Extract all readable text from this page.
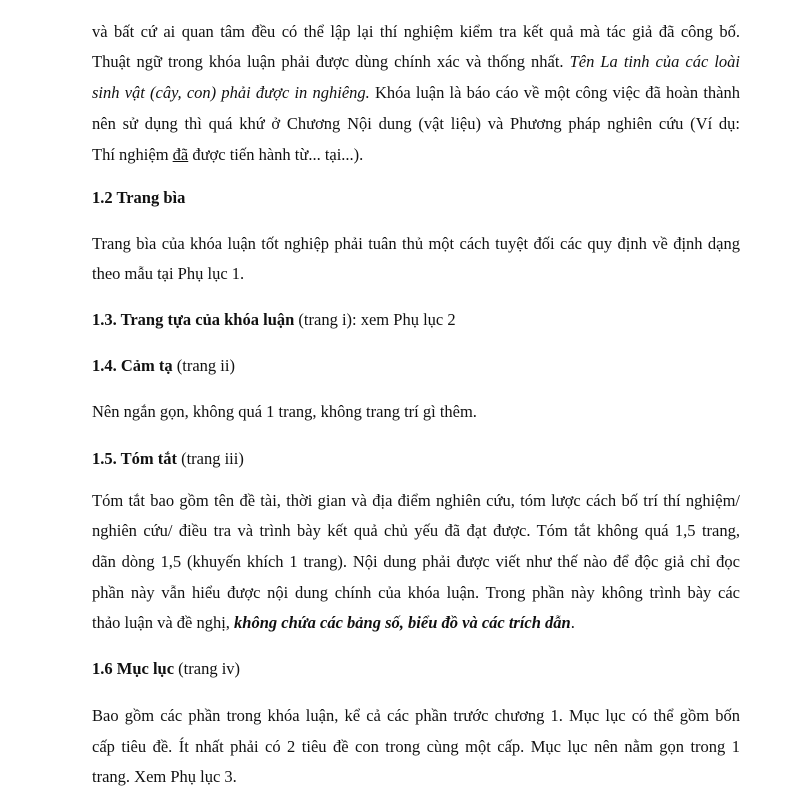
và bất cứ ai quan tâm đều có thể lập lại thí nghiệm kiểm tra kết quả mà tác giả đã công bố.
Thuật ngữ trong khóa luận phải được dùng chính xác và thống nhất. Tên La tinh của các loài
sinh vật (cây, con) phải được in nghiêng. Khóa luận là báo cáo về một công việc đã hoàn thành
nên sử dụng thì quá khứ ở Chương Nội dung (vật liệu) và Phương pháp nghiên cứu (Ví dụ:
Thí nghiệm đã được tiến hành từ... tại...).
1.2 Trang bìa
Trang bìa của khóa luận tốt nghiệp phải tuân thủ một cách tuyệt đối các quy định về định dạng
theo mẫu tại Phụ lục 1.
1.3. Trang tựa của khóa luận (trang i): xem Phụ lục 2
1.4. Cảm tạ (trang ii)
Nên ngắn gọn, không quá 1 trang, không trang trí gì thêm.
1.5. Tóm tắt (trang iii)
Tóm tắt bao gồm tên đề tài, thời gian và địa điểm nghiên cứu, tóm lược cách bố trí thí nghiệm/
nghiên cứu/ điều tra và trình bày kết quả chủ yếu đã đạt được. Tóm tắt không quá 1,5 trang,
dãn dòng 1,5 (khuyến khích 1 trang). Nội dung phải được viết như thế nào để độc giả chỉ đọc
phần này vẫn hiểu được nội dung chính của khóa luận. Trong phần này không trình bày các
thảo luận và đề nghị, không chứa các bảng số, biểu đồ và các trích dẫn.
1.6 Mục lục (trang iv)
Bao gồm các phần trong khóa luận, kể cả các phần trước chương 1. Mục lục có thể gồm bốn
cấp tiêu đề. Ít nhất phải có 2 tiêu đề con trong cùng một cấp. Mục lục nên nằm gọn trong 1
trang. Xem Phụ lục 3.
